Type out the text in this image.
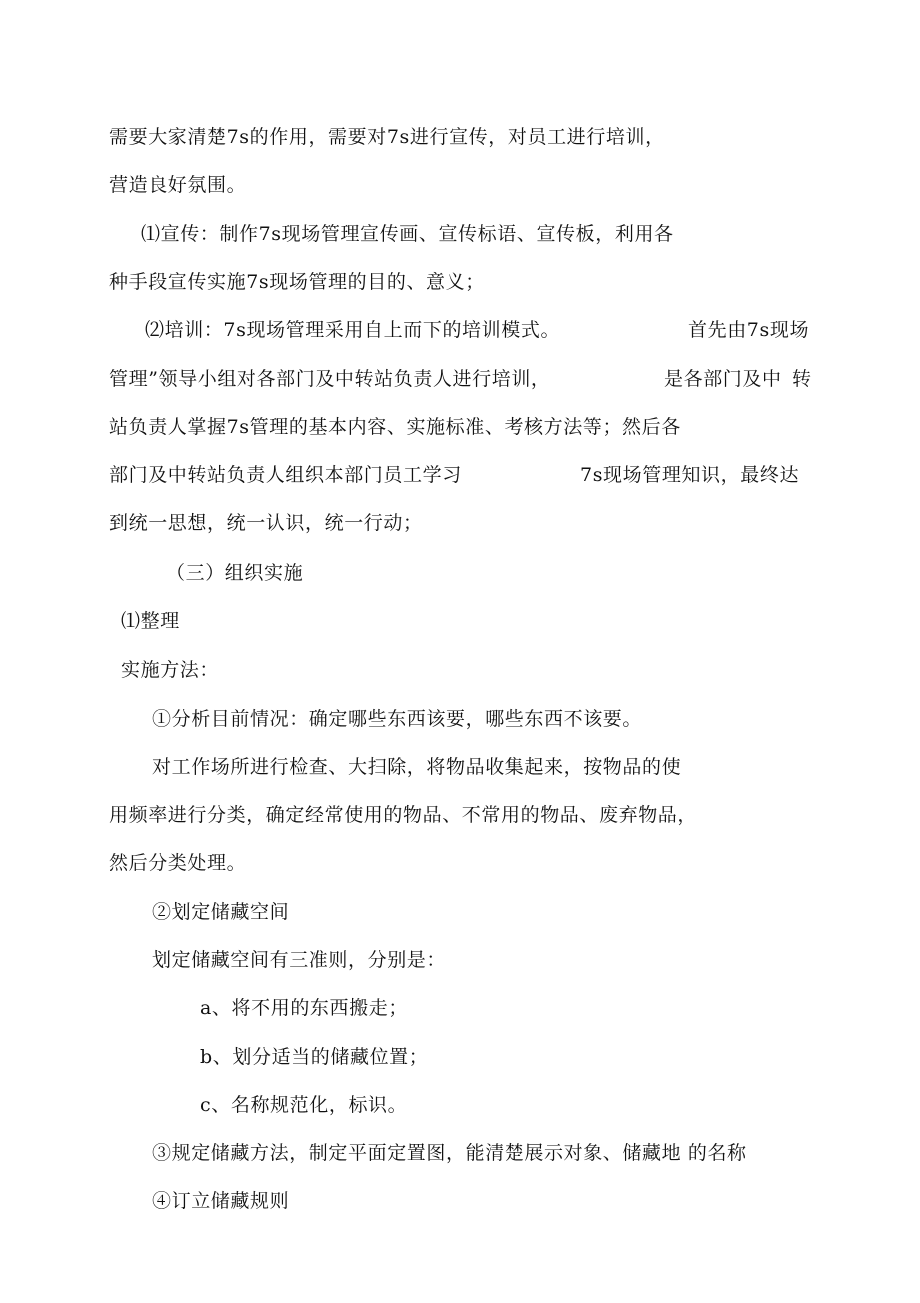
需要大家清楚7s的作用，需要对7s进行宣传，对员工进行培训，
营造良好氛围。
⑴宣传：制作7s现场管理宣传画、宣传标语、宣传板，利用各
种手段宣传实施7s现场管理的目的、意义；
⑵培训：7s现场管理采用自上而下的培训模式。	首先由7s现场
管理”领导小组对各部门及中转站负责人进行培训，	是各部门及中 转
站负责人掌握7s管理的基本内容、实施标准、考核方法等；然后各
部门及中转站负责人组织本部门员工学习	7s现场管理知识，最终达
到统一思想，统一认识，统一行动；
（三）组织实施
⑴整理
实施方法：
①分析目前情况：确定哪些东西该要，哪些东西不该要。
对工作场所进行检查、大扫除，将物品收集起来，按物品的使
用频率进行分类，确定经常使用的物品、不常用的物品、废弃物品，
然后分类处理。
②划定储藏空间
划定储藏空间有三准则，分别是：
a、将不用的东西搬走；
b、划分适当的储藏位置；
c、名称规范化，标识。
③规定储藏方法，制定平面定置图，能清楚展示对象、储藏地 的名称
④订立储藏规则
